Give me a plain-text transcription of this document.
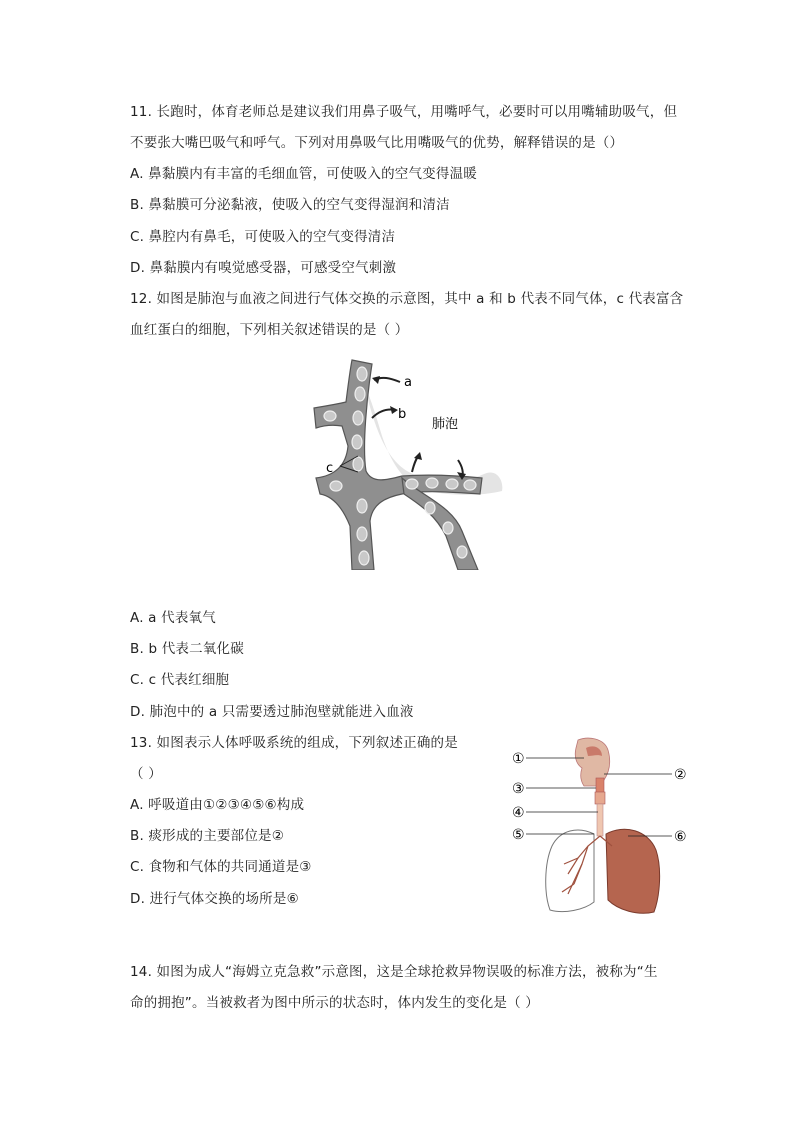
11. 长跑时，体育老师总是建议我们用鼻子吸气，用嘴呼气，必要时可以用嘴辅助吸气，但
不要张大嘴巴吸气和呼气。下列对用鼻吸气比用嘴吸气的优势，解释错误的是（）
A. 鼻黏膜内有丰富的毛细血管，可使吸入的空气变得温暖
B. 鼻黏膜可分泌黏液，使吸入的空气变得湿润和清洁
C. 鼻腔内有鼻毛，可使吸入的空气变得清洁
D. 鼻黏膜内有嗅觉感受器，可感受空气刺激
12. 如图是肺泡与血液之间进行气体交换的示意图，其中 a 和 b 代表不同气体，c 代表富含
血红蛋白的细胞，下列相关叙述错误的是（ ）
a
b
c
肺泡
A. a 代表氧气
B. b 代表二氧化碳
C. c 代表红细胞
D. 肺泡中的 a 只需要透过肺泡壁就能进入血液
13. 如图表示人体呼吸系统的组成，下列叙述正确的是
（ ）
A. 呼吸道由①②③④⑤⑥构成
B. 痰形成的主要部位是②
C. 食物和气体的共同通道是③
D. 进行气体交换的场所是⑥
①
②
③
④
⑤	⑥
14. 如图为成人“海姆立克急救”示意图，这是全球抢救异物误吸的标准方法，被称为“生
命的拥抱”。当被救者为图中所示的状态时，体内发生的变化是（ ）
